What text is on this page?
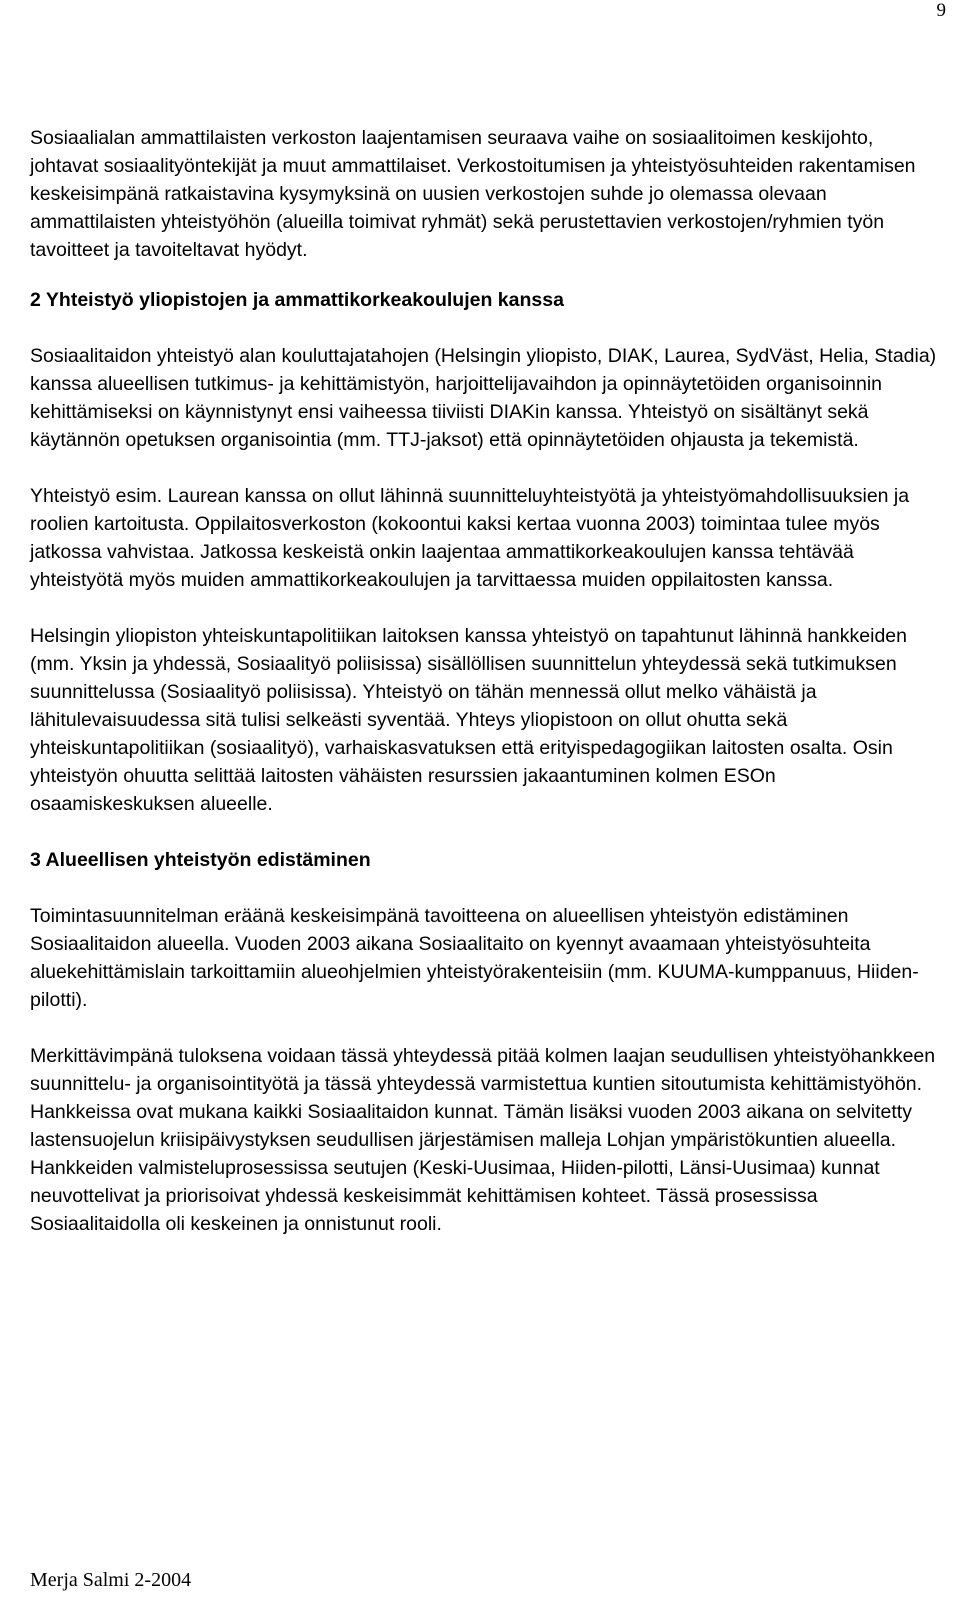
9

Sosiaalialan ammattilaisten verkoston laajentamisen seuraava vaihe on sosiaalitoimen keskijohto, johtavat sosiaalityöntekijät ja muut ammattilaiset. Verkostoitumisen ja yhteistyösuhteiden rakentamisen keskeisimpänä ratkaistavina kysymyksinä on uusien verkostojen suhde jo olemassa olevaan ammattilaisten yhteistyöhön (alueilla toimivat ryhmät) sekä perustettavien verkostojen/ryhmien työn tavoitteet ja tavoiteltavat hyödyt.

2 Yhteistyö yliopistojen ja ammattikorkeakoulujen kanssa

Sosiaalitaidon yhteistyö alan kouluttajatahojen (Helsingin yliopisto, DIAK, Laurea, SydVäst, Helia, Stadia) kanssa alueellisen tutkimus- ja kehittämistyön, harjoittelijavaihdon ja opinnäytetöiden organisoinnin kehittämiseksi on käynnistynyt ensi vaiheessa tiiviisti DIAKin kanssa. Yhteistyö on sisältänyt sekä käytännön opetuksen organisointia (mm. TTJ-jaksot) että opinnäytetöiden ohjausta ja tekemistä.

Yhteistyö esim. Laurean kanssa on ollut lähinnä suunnitteluyhteistyötä ja yhteistyömahdollisuuksien ja roolien kartoitusta. Oppilaitosverkoston (kokoontui kaksi kertaa vuonna 2003) toimintaa tulee myös jatkossa vahvistaa. Jatkossa keskeistä onkin laajentaa ammattikorkeakoulujen kanssa tehtävää yhteistyötä myös muiden ammattikorkeakoulujen ja tarvittaessa muiden oppilaitosten kanssa.

Helsingin yliopiston yhteiskuntapolitiikan laitoksen kanssa yhteistyö on tapahtunut lähinnä hankkeiden (mm. Yksin ja yhdessä, Sosiaalityö poliisissa) sisällöllisen suunnittelun yhteydessä sekä tutkimuksen suunnittelussa (Sosiaalityö poliisissa). Yhteistyö on tähän mennessä ollut melko vähäistä ja lähitulevaisuudessa sitä tulisi selkeästi syventää. Yhteys yliopistoon on ollut ohutta sekä yhteiskuntapolitiikan (sosiaalityö), varhaiskasvatuksen että erityispedagogiikan laitosten osalta. Osin yhteistyön ohuutta selittää laitosten vähäisten resurssien jakaantuminen kolmen ESOn osaamiskeskuksen alueelle.

3 Alueellisen yhteistyön edistäminen

Toimintasuunnitelman eräänä keskeisimpänä tavoitteena on alueellisen yhteistyön edistäminen Sosiaalitaidon alueella. Vuoden 2003 aikana Sosiaalitaito on kyennyt avaamaan yhteistyösuhteita aluekehittämislain tarkoittamiin alueohjelmien yhteistyörakenteisiin (mm. KUUMA-kumppanuus, Hiiden-pilotti).

Merkittävimpänä tuloksena voidaan tässä yhteydessä pitää kolmen laajan seudullisen yhteistyöhankkeen suunnittelu- ja organisointityötä ja tässä yhteydessä varmistettua kuntien sitoutumista kehittämistyöhön. Hankkeissa ovat mukana kaikki Sosiaalitaidon kunnat. Tämän lisäksi vuoden 2003 aikana on selvitetty lastensuojelun kriisipäivystyksen seudullisen järjestämisen malleja Lohjan ympäristökuntien alueella. Hankkeiden valmisteluprosessissa seutujen (Keski-Uusimaa, Hiiden-pilotti, Länsi-Uusimaa) kunnat neuvottelivat ja priorisoivat yhdessä keskeisimmät kehittämisen kohteet. Tässä prosessissa Sosiaalitaidolla oli keskeinen ja onnistunut rooli.

Merja Salmi 2-2004
